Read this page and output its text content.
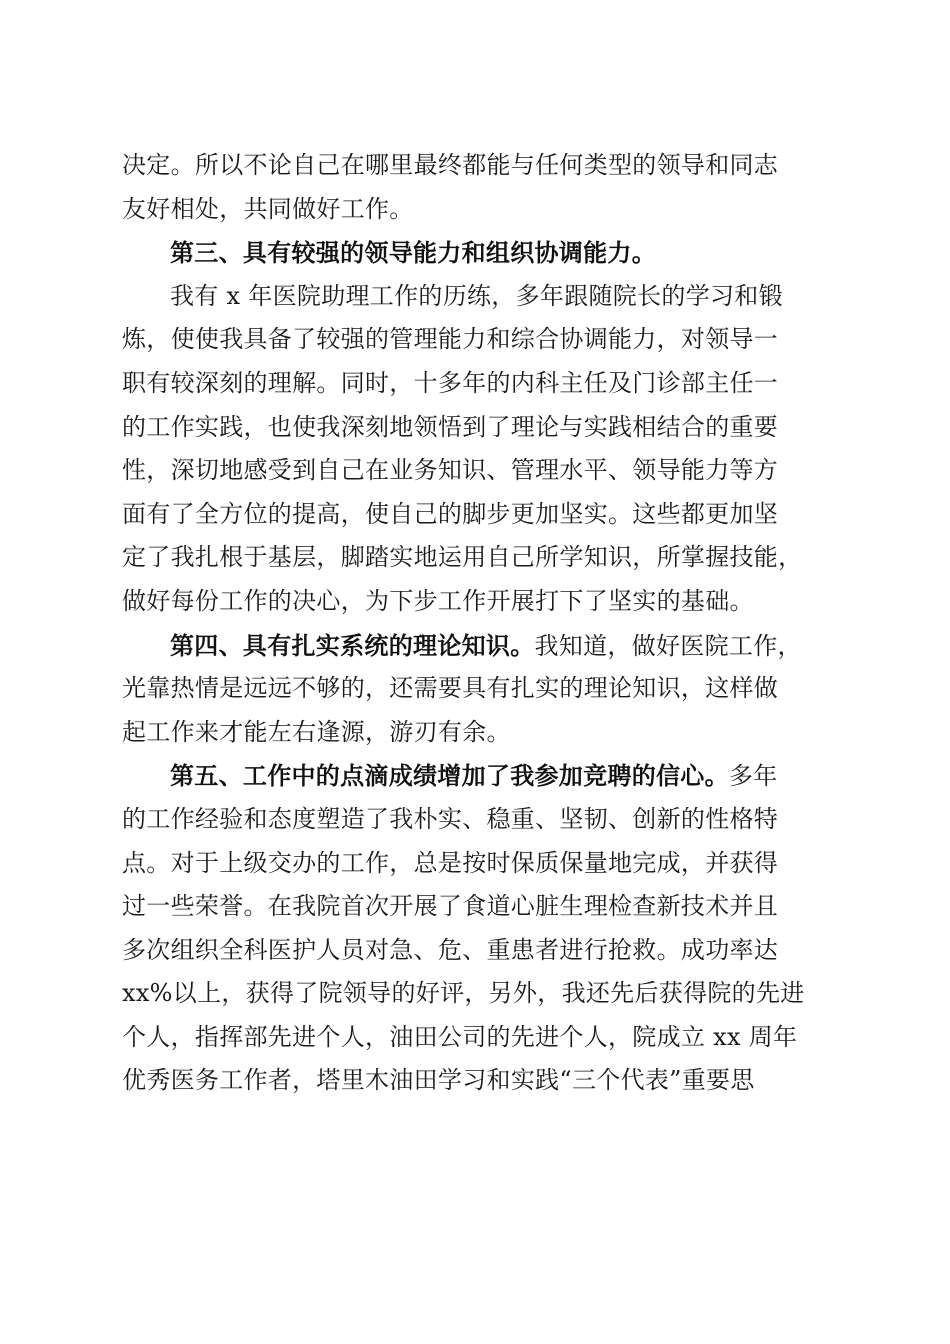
决定。所以不论自己在哪里最终都能与任何类型的领导和同志
友好相处，共同做好工作。
第三、具有较强的领导能力和组织协调能力。
我有 x 年医院助理工作的历练，多年跟随院长的学习和锻
炼，使使我具备了较强的管理能力和综合协调能力，对领导一
职有较深刻的理解。同时，十多年的内科主任及门诊部主任一
的工作实践，也使我深刻地领悟到了理论与实践相结合的重要
性，深切地感受到自己在业务知识、管理水平、领导能力等方
面有了全方位的提高，使自己的脚步更加坚实。这些都更加坚
定了我扎根于基层，脚踏实地运用自己所学知识，所掌握技能，
做好每份工作的决心，为下步工作开展打下了坚实的基础。
第四、具有扎实系统的理论知识。我知道，做好医院工作，
光靠热情是远远不够的，还需要具有扎实的理论知识，这样做
起工作来才能左右逢源，游刃有余。
第五、工作中的点滴成绩增加了我参加竞聘的信心。多年
的工作经验和态度塑造了我朴实、稳重、坚韧、创新的性格特
点。对于上级交办的工作，总是按时保质保量地完成，并获得
过一些荣誉。在我院首次开展了食道心脏生理检查新技术并且
多次组织全科医护人员对急、危、重患者进行抢救。成功率达
xx%以上，获得了院领导的好评，另外，我还先后获得院的先进
个人，指挥部先进个人，油田公司的先进个人，院成立 xx 周年
优秀医务工作者，塔里木油田学习和实践“三个代表”重要思
